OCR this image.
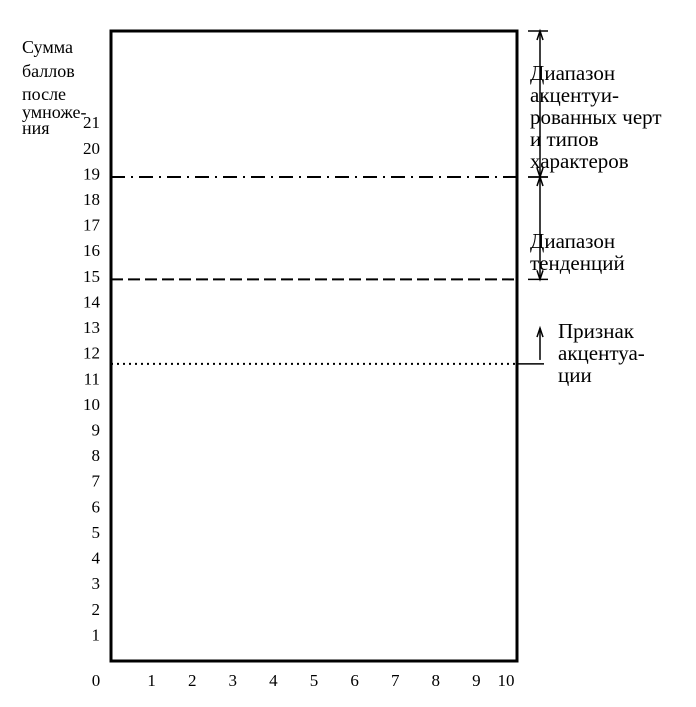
Сумма баллов после умноже- ния
Диапазон акцентуи-рованных черт и типов характеров
Диапазон тенденций
Признак акцентуа-ции
1
2
3
4
5
6
7
8
9
10
11
12
13
14
15
16
17
18
19
20
21
0	1 2 3 4 5 6 7 8 9 10
